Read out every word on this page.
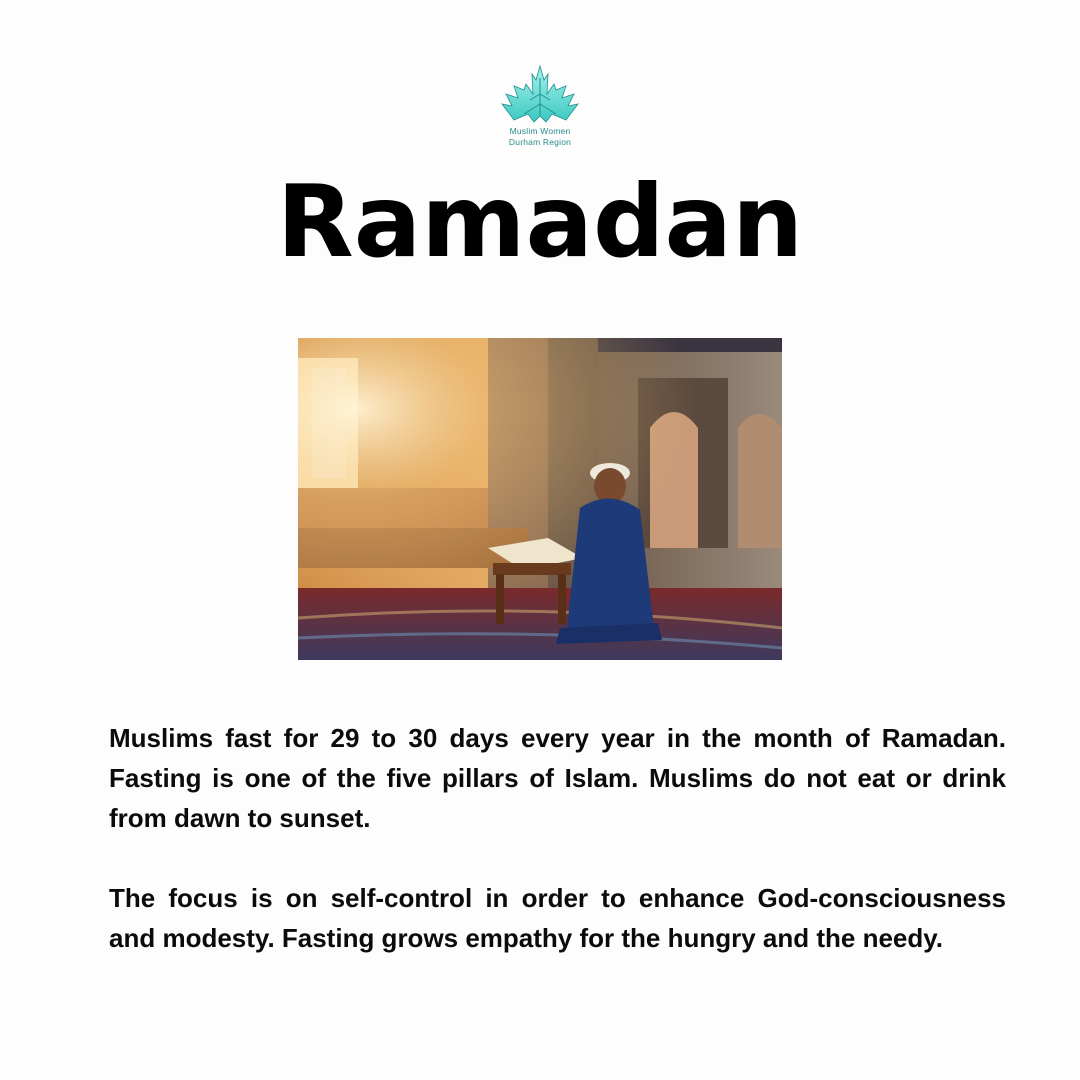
Muslim Women
Durham Region
Ramadan

Muslims fast for 29 to 30 days every year in the month of Ramadan. Fasting is one of the five pillars of Islam. Muslims do not eat or drink from dawn to sunset.

The focus is on self-control in order to enhance God-consciousness and modesty. Fasting grows empathy for the hungry and the needy.
